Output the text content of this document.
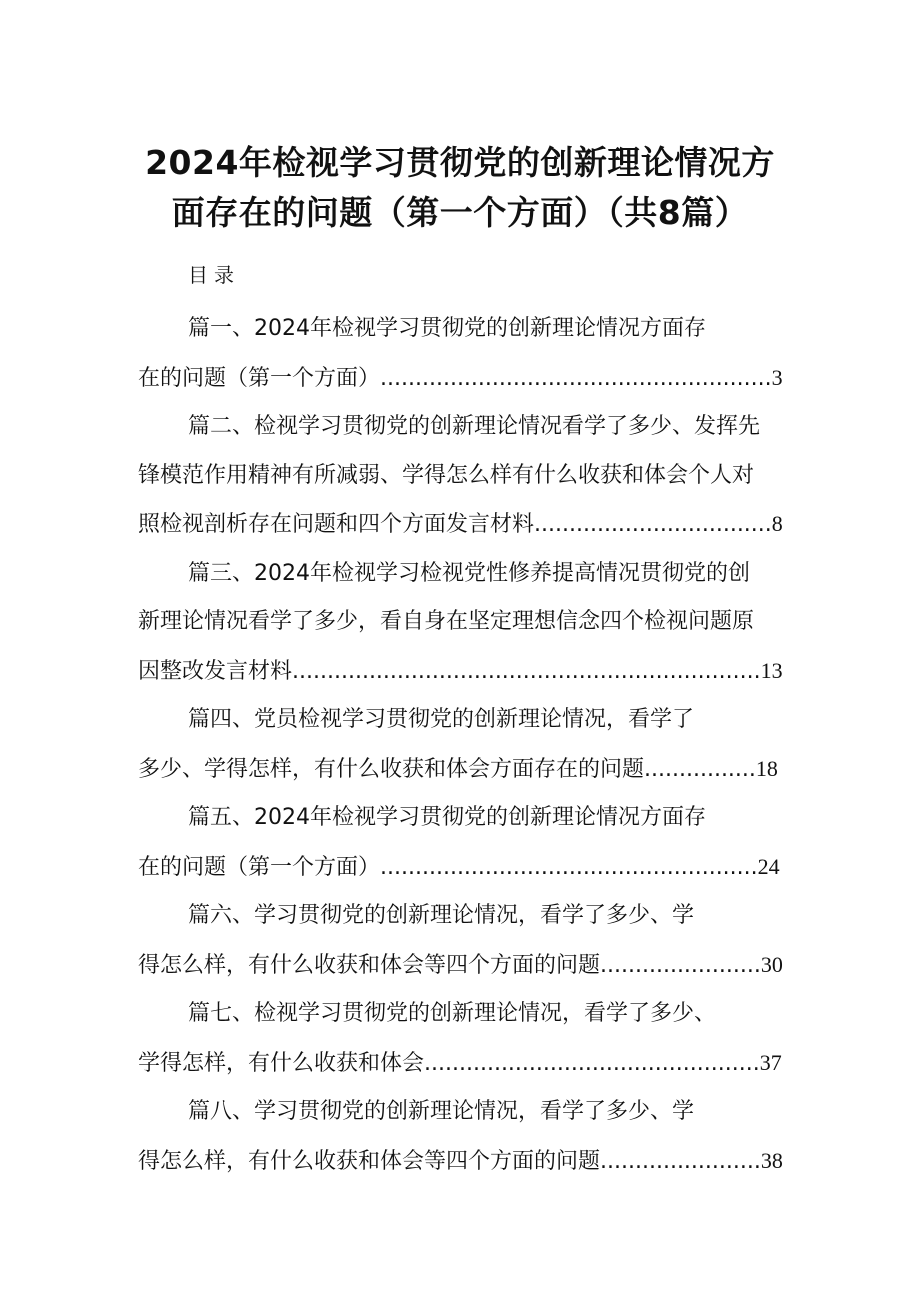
2024年检视学习贯彻党的创新理论情况方
面存在的问题（第一个方面）（共8篇）
目录
篇一、2024年检视学习贯彻党的创新理论情况方面存
在的问题（第一个方面） ........................................................ 3
篇二、检视学习贯彻党的创新理论情况看学了多少、发挥先
锋模范作用精神有所减弱、学得怎么样有什么收获和体会个人对
照检视剖析存在问题和四个方面发言材料 .................................. 8
篇三、2024年检视学习检视党性修养提高情况贯彻党的创
新理论情况看学了多少，看自身在坚定理想信念四个检视问题原
因整改发言材料 ................................................................... 13
篇四、党员检视学习贯彻党的创新理论情况，看学了
多少、学得怎样，有什么收获和体会方面存在的问题 ................ 18
篇五、2024年检视学习贯彻党的创新理论情况方面存
在的问题（第一个方面） ...................................................... 24
篇六、学习贯彻党的创新理论情况，看学了多少、学
得怎么样，有什么收获和体会等四个方面的问题 ....................... 30
篇七、检视学习贯彻党的创新理论情况，看学了多少、
学得怎样，有什么收获和体会 ................................................ 37
篇八、学习贯彻党的创新理论情况，看学了多少、学
得怎么样，有什么收获和体会等四个方面的问题 ....................... 38
